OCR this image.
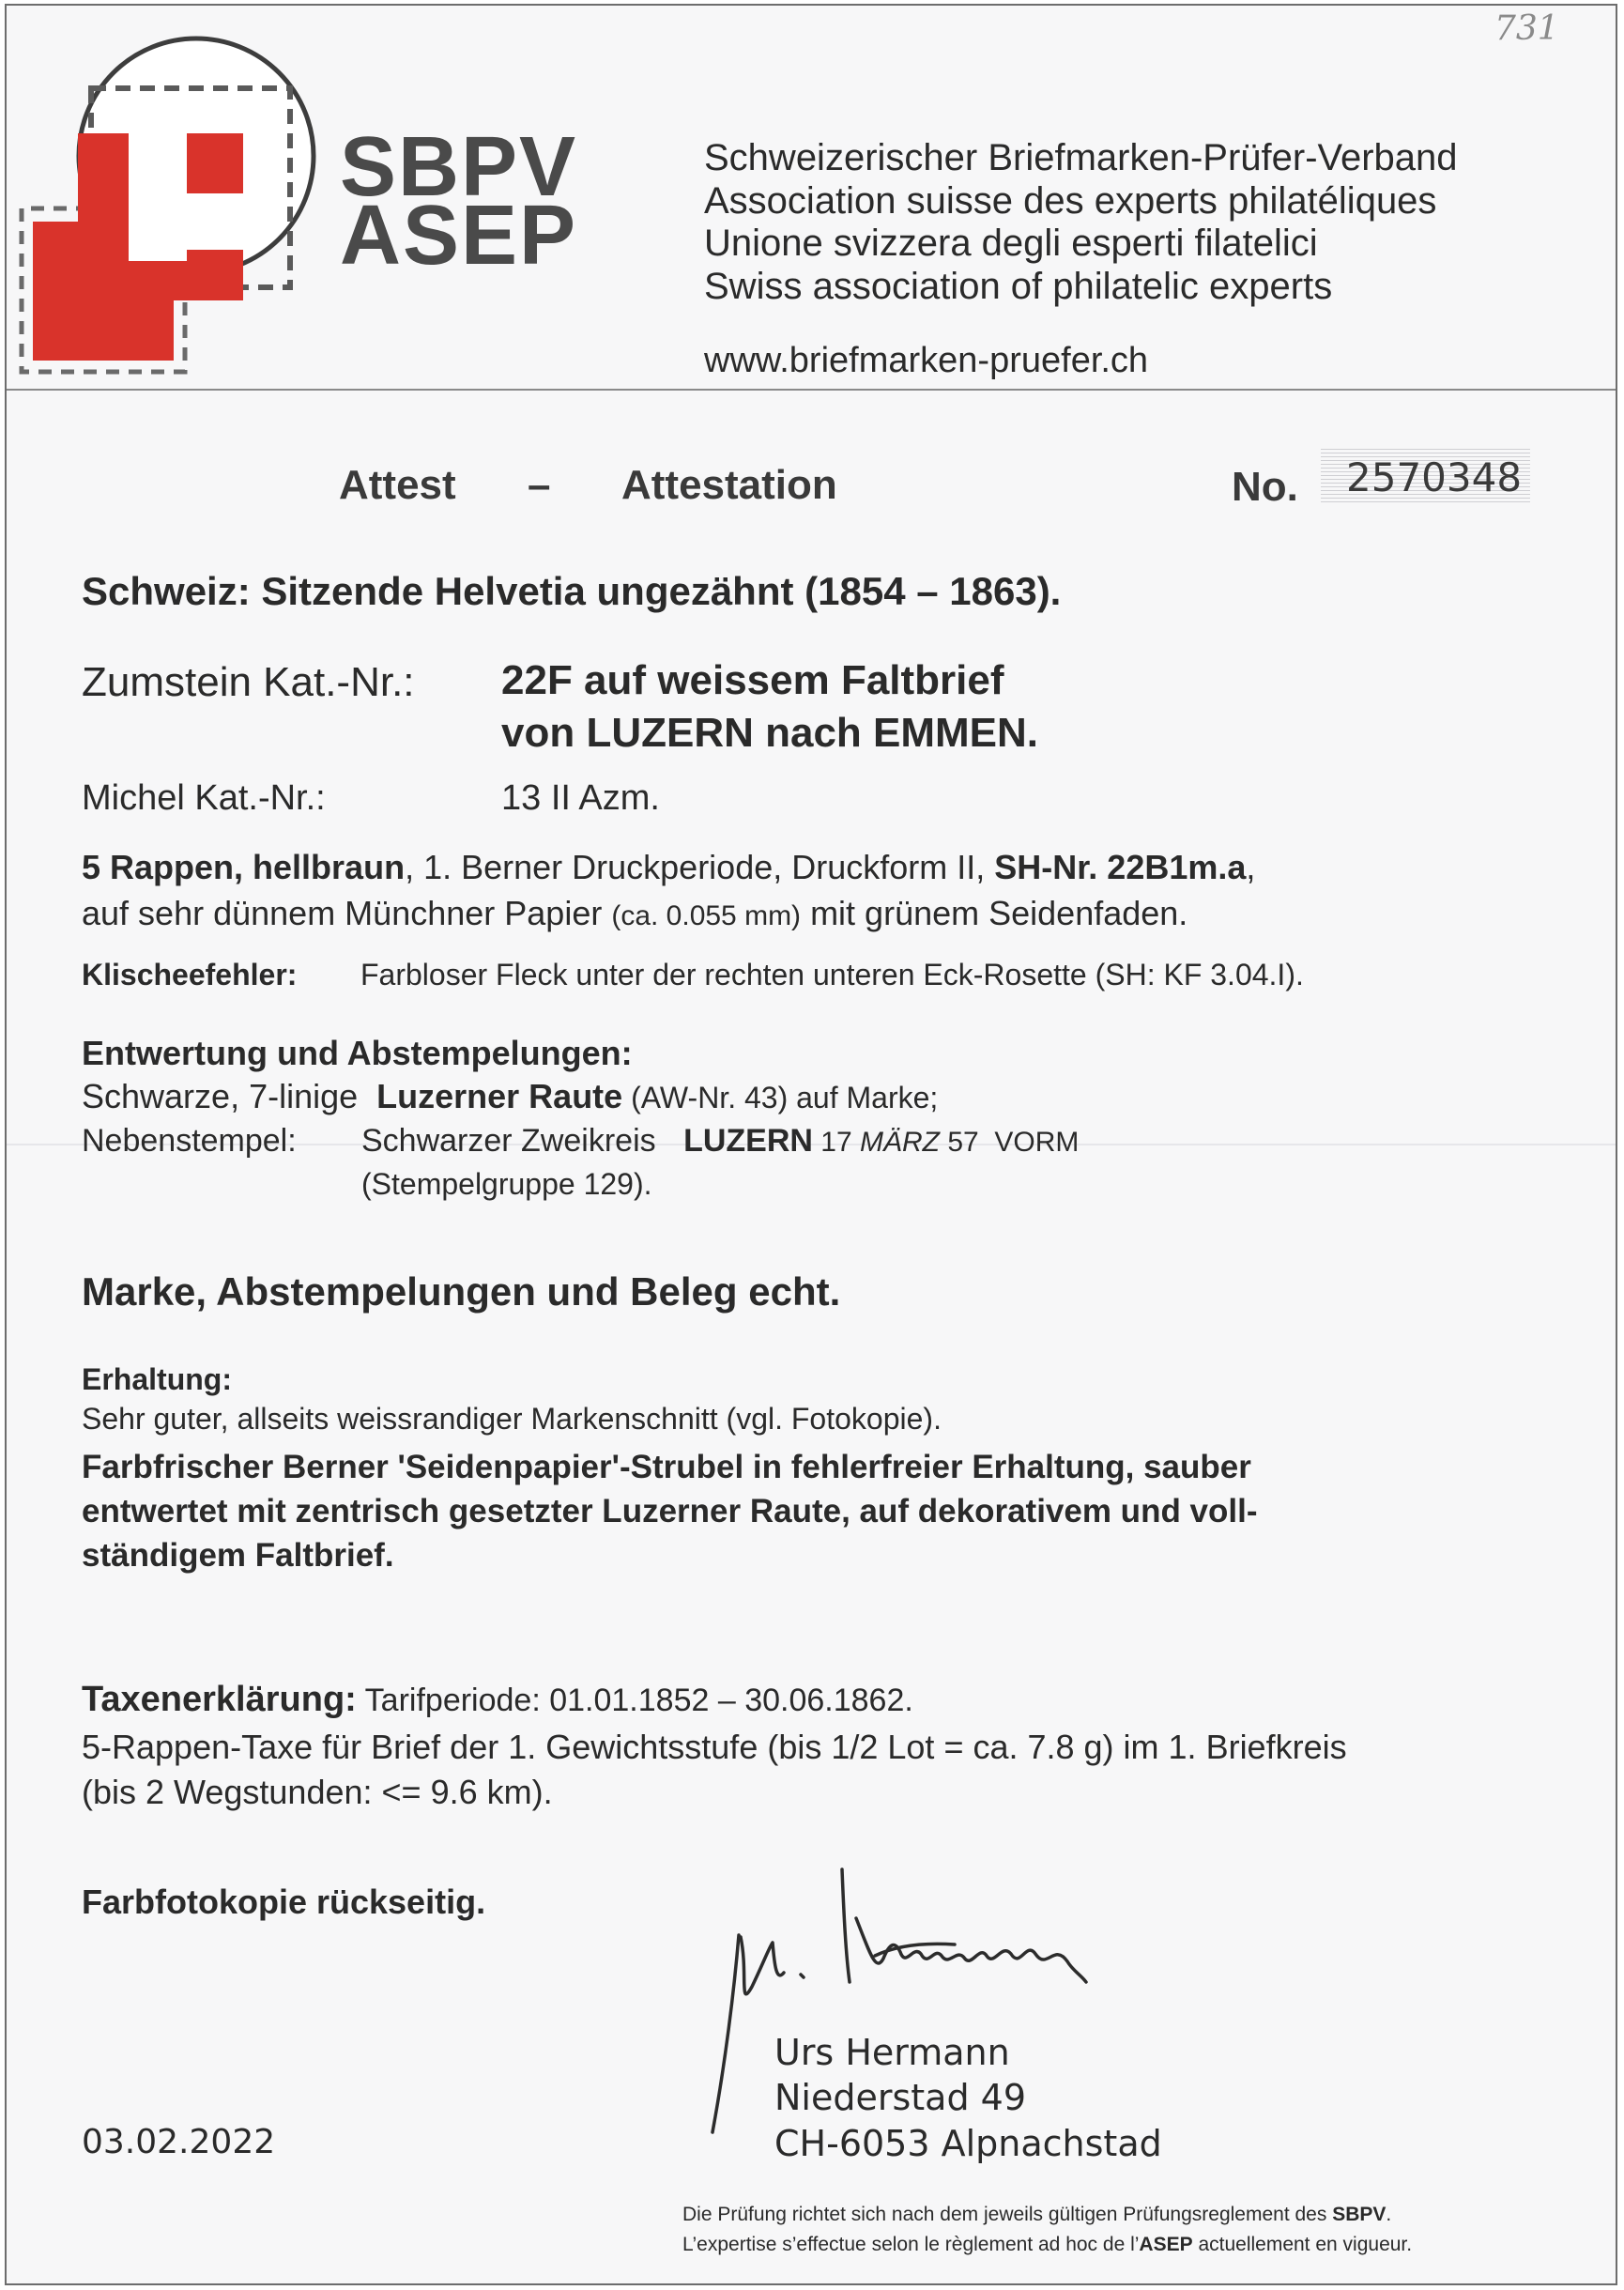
731
SBPV
ASEP
Schweizerischer Briefmarken-Prüfer-Verband
Association suisse des experts philatéliques
Unione svizzera degli esperti filatelici
Swiss association of philatelic experts
www.briefmarken-pruefer.ch
Attest – Attestation	No. 2570348
Schweiz: Sitzende Helvetia ungezähnt (1854 – 1863).
Zumstein Kat.-Nr.: 22F auf weissem Faltbrief
von LUZERN nach EMMEN.
Michel Kat.-Nr.:	13 II Azm.
5 Rappen, hellbraun, 1. Berner Druckperiode, Druckform II, SH-Nr. 22B1m.a,
auf sehr dünnem Münchner Papier (ca. 0.055 mm) mit grünem Seidenfaden.
Klischeefehler: Farbloser Fleck unter der rechten unteren Eck-Rosette (SH: KF 3.04.I).
Entwertung und Abstempelungen:
Schwarze, 7-linige Luzerner Raute (AW-Nr. 43) auf Marke;
Nebenstempel: Schwarzer Zweikreis LUZERN 17 MÄRZ 57  VORM
(Stempelgruppe 129).
Marke, Abstempelungen und Beleg echt.
Erhaltung:
Sehr guter, allseits weissrandiger Markenschnitt (vgl. Fotokopie).
Farbfrischer Berner 'Seidenpapier'-Strubel in fehlerfreier Erhaltung, sauber
entwertet mit zentrisch gesetzter Luzerner Raute, auf dekorativem und voll-
ständigem Faltbrief.
Taxenerklärung: Tarifperiode: 01.01.1852 – 30.06.1862.
5-Rappen-Taxe für Brief der 1. Gewichtsstufe (bis 1/2 Lot = ca. 7.8 g) im 1. Briefkreis
(bis 2 Wegstunden: <= 9.6 km).
Farbfotokopie rückseitig.
Urs Hermann
Niederstad 49
CH-6053 Alpnachstad
03.02.2022
Die Prüfung richtet sich nach dem jeweils gültigen Prüfungsreglement des SBPV.
L’expertise s’effectue selon le règlement ad hoc de l’ASEP actuellement en vigueur.
